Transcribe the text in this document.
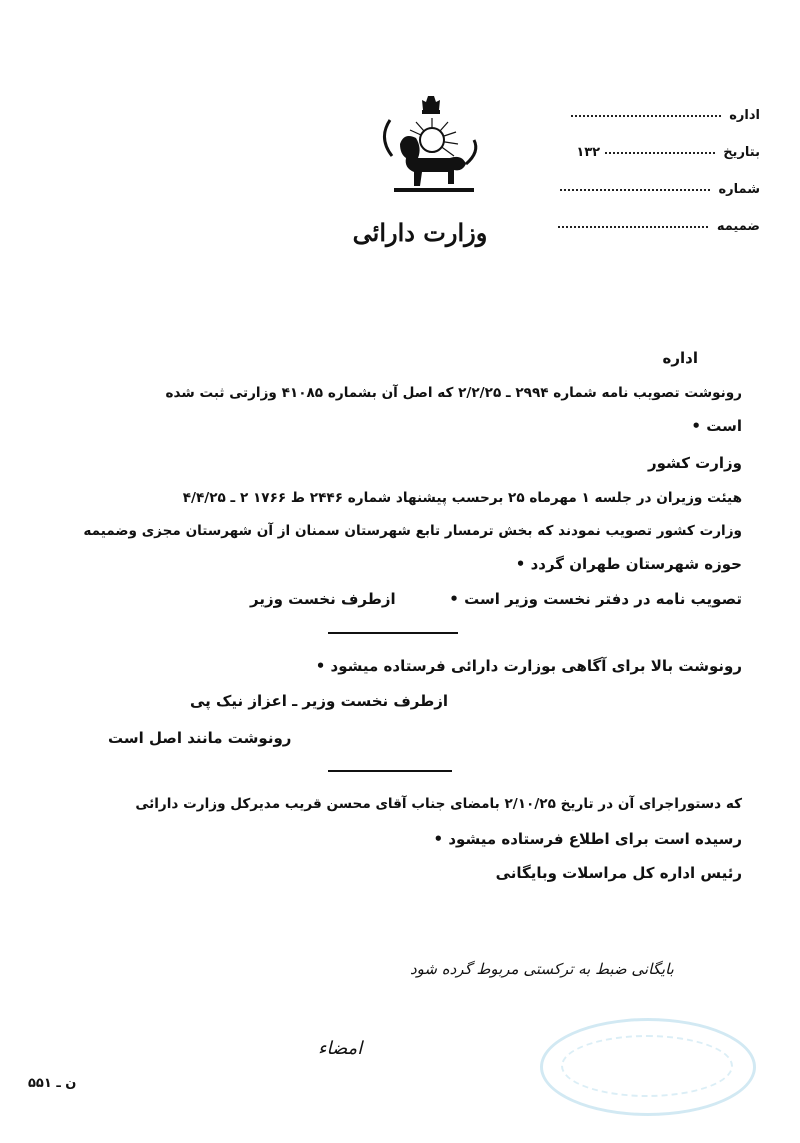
اداره
بتاریخ  ۱۳۲
شماره
ضمیمه
وزارت دارائی
اداره
رونوشت تصویب نامه شماره ۲۹۹۴ ـ ۲/۲/۲۵ که اصل آن بشماره ۴۱۰۸۵ وزارتی ثبت شده
است •
وزارت کشور
هیئت وزیران در جلسه ۱ مهرماه ۲۵ برحسب پیشنهاد شماره ۲۴۴۶ ط ۱۷۶۶ ۲ ـ ۴/۴/۲۵
وزارت کشور تصویب نمودند که بخش ترمسار تابع شهرستان سمنان از آن شهرستان مجزی وضمیمه
حوزه شهرستان طهران گردد •
تصویب نامه در دفتر نخست وزیر است •
ازطرف نخست وزیر
رونوشت بالا برای آگاهی بوزارت دارائی فرستاده میشود •
ازطرف نخست وزیر ـ اعزاز نیک پی
رونوشت مانند اصل است
که دستوراجرای آن در تاریخ ۲/۱۰/۲۵ بامضای جناب آقای محسن قریب مدیرکل وزارت دارائی
رسیده است برای اطلاع فرستاده میشود •
رئیس اداره کل مراسلات وبایگانی
بایگانی ضبط به ترکستی مربوط گرده شود
امضاء
ن ـ ۵۵۱
